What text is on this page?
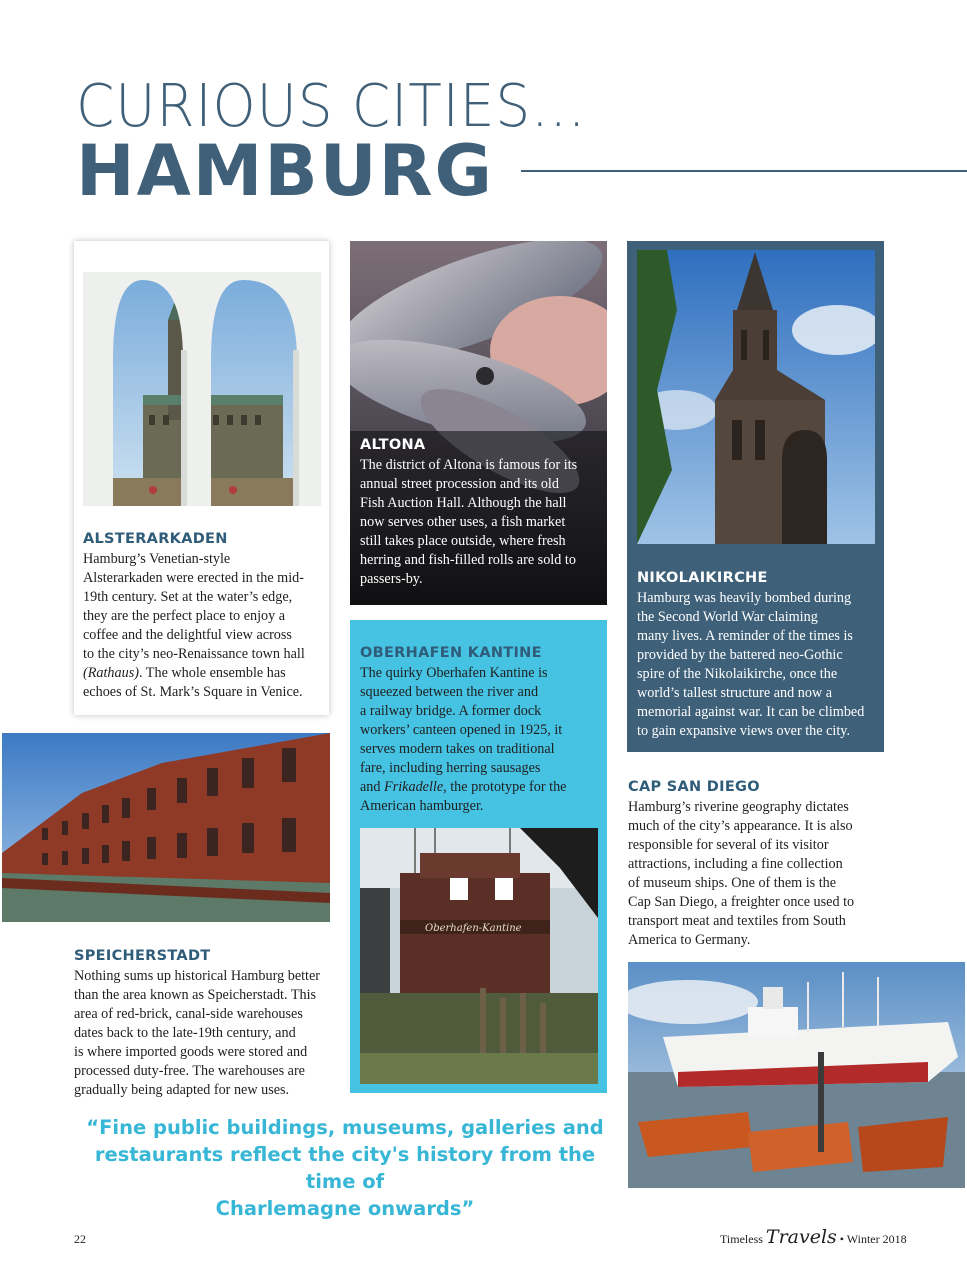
CURIOUS CITIES...
HAMBURG
ALSTERARKADEN

Hamburg’s Venetian-style
Alsterarkaden were erected in the mid-
19th century. Set at the water’s edge,
they are the perfect place to enjoy a
coffee and the delightful view across
to the city’s neo-Renaissance town hall
(Rathaus). The whole ensemble has
echoes of St. Mark’s Square in Venice.

ALTONA

The district of Altona is famous for its
annual street procession and its old
Fish Auction Hall. Although the hall
now serves other uses, a fish market
still takes place outside, where fresh
herring and fish-filled rolls are sold to
passers-by.	NIKOLAIKIRCHE

Hamburg was heavily bombed during
the Second World War claiming
many lives. A reminder of the times is
provided by the battered neo-Gothic
spire of the Nikolaikirche, once the
world’s tallest structure and now a
memorial against war. It can be climbed
to gain expansive views over the city.

OBERHAFEN KANTINE

The quirky Oberhafen Kantine is
squeezed between the river and
a railway bridge. A former dock
workers’ canteen opened in 1925, it
serves modern takes on traditional
fare, including herring sausages
and Frikadelle, the prototype for the
American hamburger.

Oberhafen-Kantine
CAP SAN DIEGO

Hamburg’s riverine geography dictates
much of the city’s appearance. It is also
responsible for several of its visitor
attractions, including a fine collection
of museum ships. One of them is the
Cap San Diego, a freighter once used to
transport meat and textiles from South
America to Germany.

SPEICHERSTADT

Nothing sums up historical Hamburg better
than the area known as Speicherstadt. This
area of red-brick, canal-side warehouses
dates back to the late-19th century, and
is where imported goods were stored and
processed duty-free. The warehouses are
gradually being adapted for new uses.

“Fine public buildings, museums, galleries and
restaurants reflect the city's history from the time of
Charlemagne onwards”
22	Timeless Travels • Winter 2018
